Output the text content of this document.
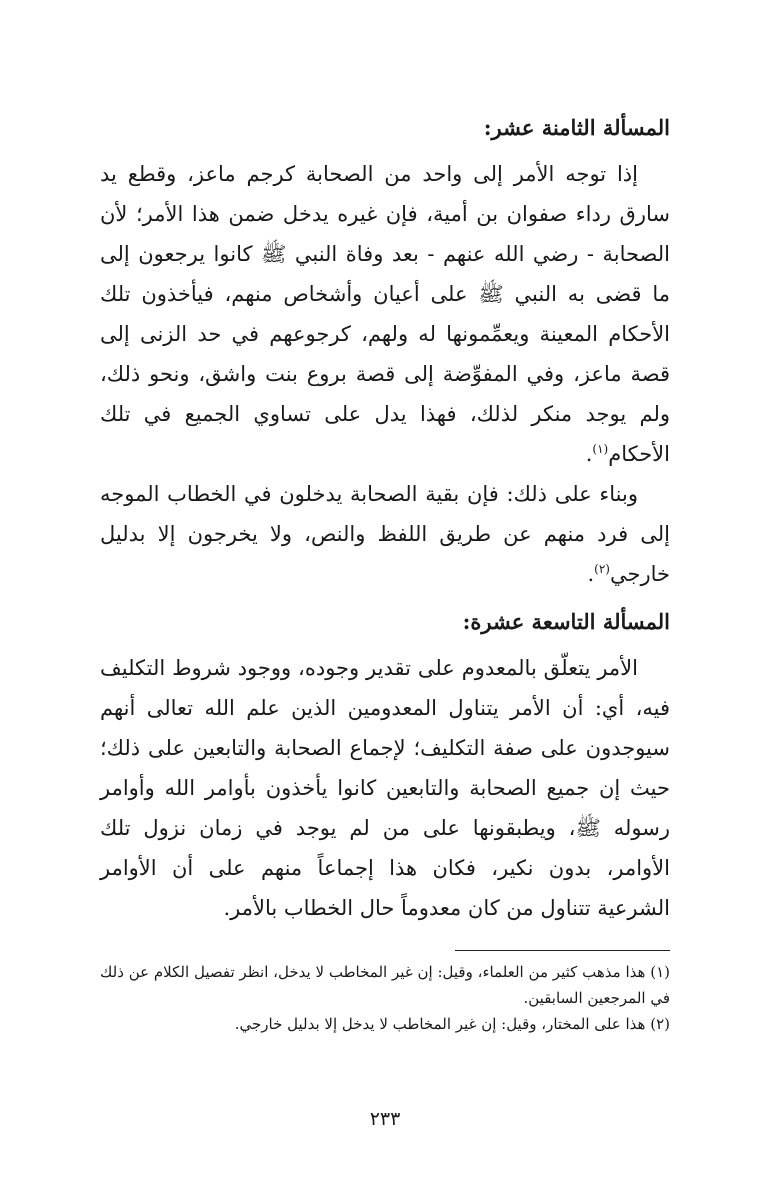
المسألة الثامنة عشر:

إذا توجه الأمر إلى واحد من الصحابة كرجم ماعز، وقطع يد سارق رداء صفوان بن أمية، فإن غيره يدخل ضمن هذا الأمر؛ لأن الصحابة - رضي الله عنهم - بعد وفاة النبي ﷺ كانوا يرجعون إلى ما قضى به النبي ﷺ على أعيان وأشخاص منهم، فيأخذون تلك الأحكام المعينة ويعمِّمونها له ولهم، كرجوعهم في حد الزنى إلى قصة ماعز، وفي المفوِّضة إلى قصة بروع بنت واشق، ونحو ذلك، ولم يوجد منكر لذلك، فهذا يدل على تساوي الجميع في تلك الأحكام$^{(١)}$.

وبناء على ذلك: فإن بقية الصحابة يدخلون في الخطاب الموجه إلى فرد منهم عن طريق اللفظ والنص، ولا يخرجون إلا بدليل خارجي$^{(٢)}$.

المسألة التاسعة عشرة:

الأمر يتعلّق بالمعدوم على تقدير وجوده، ووجود شروط التكليف فيه، أي: أن الأمر يتناول المعدومين الذين علم الله تعالى أنهم سيوجدون على صفة التكليف؛ لإجماع الصحابة والتابعين على ذلك؛ حيث إن جميع الصحابة والتابعين كانوا يأخذون بأوامر الله وأوامر رسوله ﷺ، ويطبقونها على من لم يوجد في زمان نزول تلك الأوامر، بدون نكير، فكان هذا إجماعاً منهم على أن الأوامر الشرعية تتناول من كان معدوماً حال الخطاب بالأمر.

(١) هذا مذهب كثير من العلماء، وقيل: إن غير المخاطب لا يدخل، انظر تفصيل الكلام عن ذلك في المرجعين السابقين.

(٢) هذا على المختار، وقيل: إن غير المخاطب لا يدخل إلا بدليل خارجي.

٢٣٣
